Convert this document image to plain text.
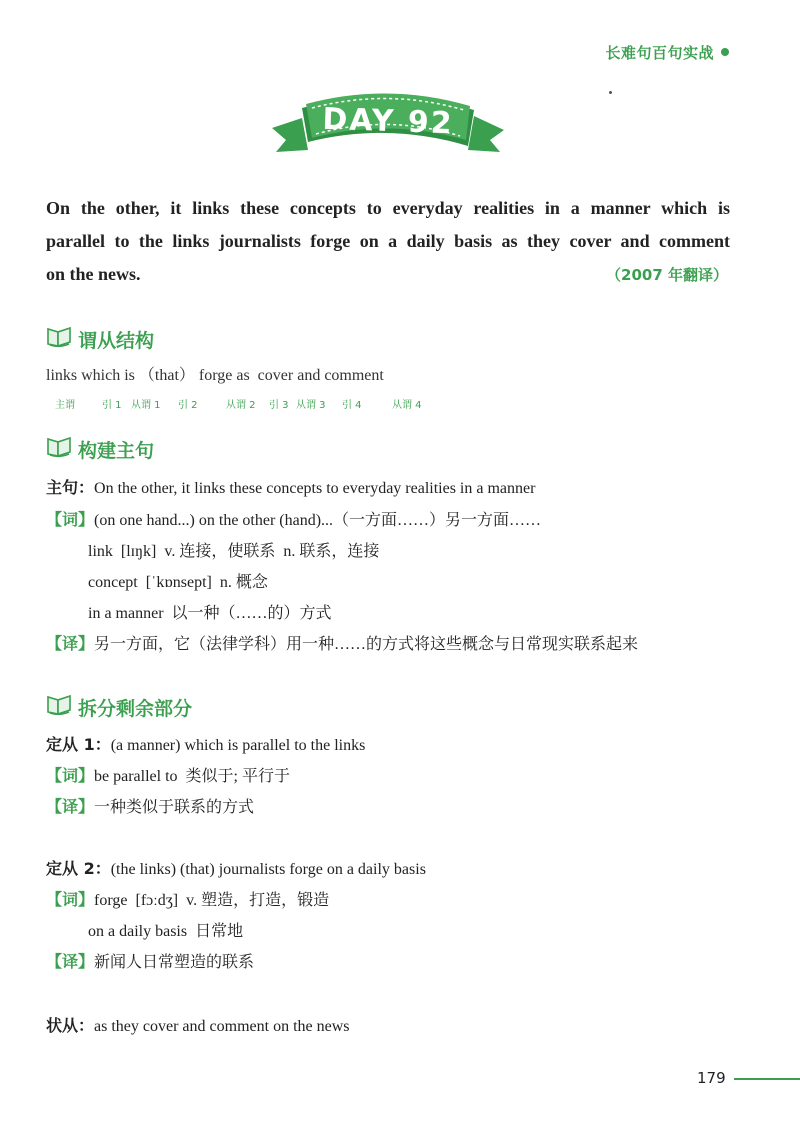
长难句百句实战
DAY 92
On the other, it links these concepts to everyday realities in a manner which is
parallel to the links journalists forge on a daily basis as they cover and comment
on the news.	（2007 年翻译）
谓从结构
links which is （that） forge as  cover and comment
主谓	引 1 从谓 1 引 2	从谓 2 引 3 从谓 3 引 4	从谓 4
构建主句
主句：On the other, it links these concepts to everyday realities in a manner
【词】(on one hand...) on the other (hand)...（一方面……）另一方面……
link  [lɪŋk]  v. 连接，使联系  n. 联系，连接
concept  [ˈkɒnsept]  n. 概念
in a manner  以一种（……的）方式
【译】另一方面，它（法律学科）用一种……的方式将这些概念与日常现实联系起来
拆分剩余部分
定从 1：(a manner) which is parallel to the links
【词】be parallel to  类似于; 平行于
【译】一种类似于联系的方式
定从 2：(the links) (that) journalists forge on a daily basis
【词】forge  [fɔːdʒ]  v. 塑造，打造，锻造
on a daily basis  日常地
【译】新闻人日常塑造的联系
状从：as they cover and comment on the news
179
